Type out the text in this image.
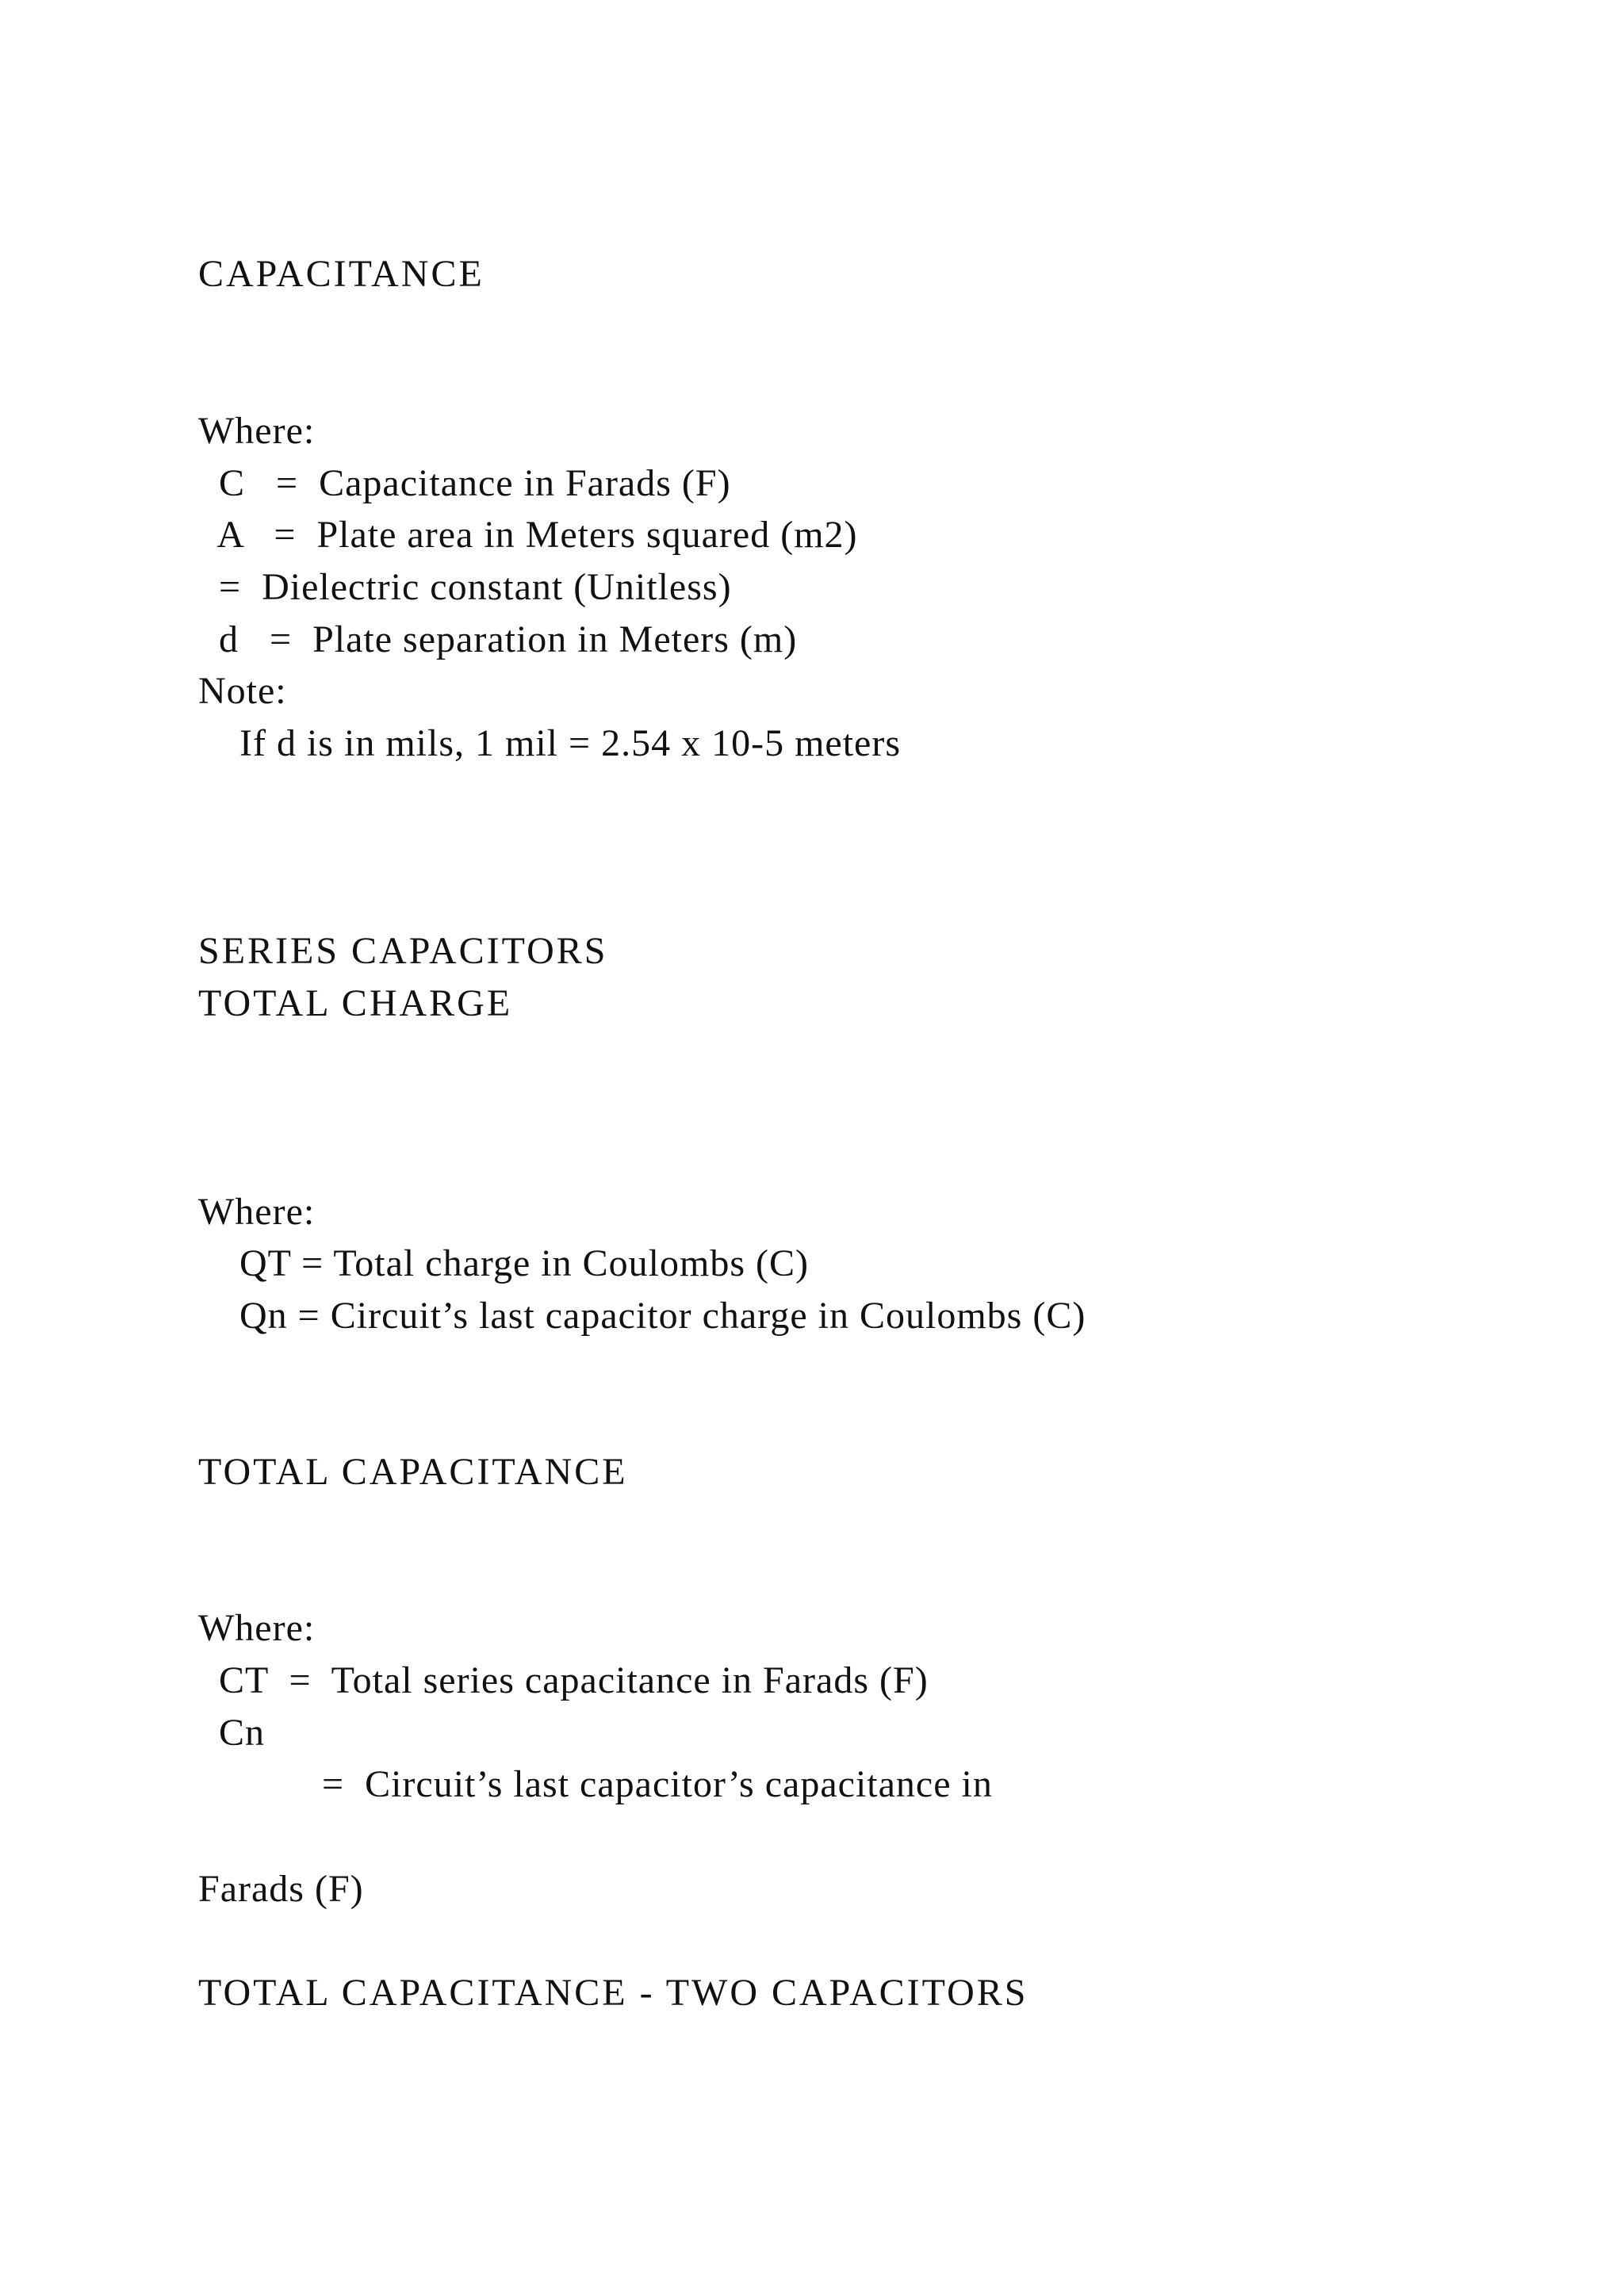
CAPACITANCE
Where:
C   =  Capacitance in Farads (F)
A   =  Plate area in Meters squared (m2)
=  Dielectric constant (Unitless)
d   =  Plate separation in Meters (m)
Note:
If d is in mils, 1 mil = 2.54 x 10-5 meters
SERIES CAPACITORS
TOTAL CHARGE
Where:
QT = Total charge in Coulombs (C)
Qn = Circuit’s last capacitor charge in Coulombs (C)
TOTAL CAPACITANCE
Where:
CT  =  Total series capacitance in Farads (F)
Cn
=  Circuit’s last capacitor’s capacitance in
Farads (F)
TOTAL CAPACITANCE - TWO CAPACITORS
